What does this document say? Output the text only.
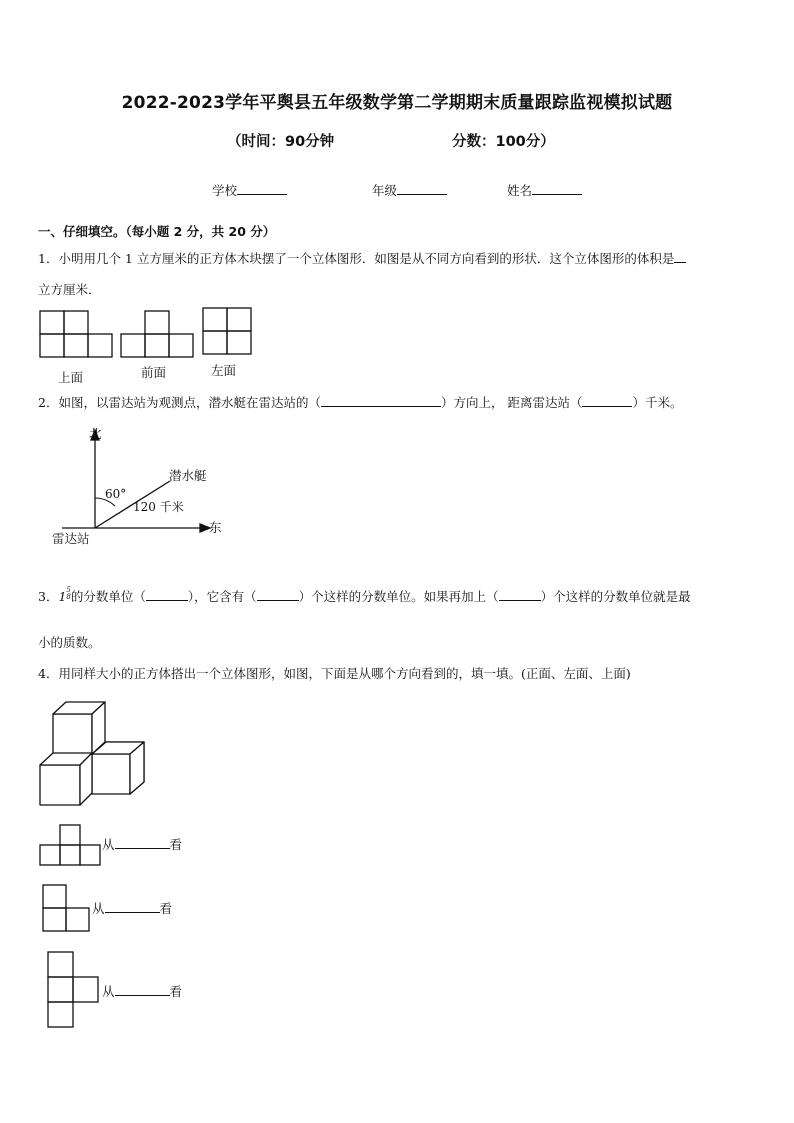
2022-2023学年平舆县五年级数学第二学期期末质量跟踪监视模拟试题
（时间：90分钟	分数：100分）
学校	年级	姓名
一、仔细填空。（每小题 2 分，共 20 分）
1．小明用几个 1 立方厘米的正方体木块摆了一个立体图形．如图是从不同方向看到的形状．这个立体图形的体积是
立方厘米．
上面	前面	左面
2．如图，以雷达站为观测点，潜水艇在雷达站的（	）方向上， 距离雷达站（	）千米。
北
东
雷达站
潜水艇
60°
120 千米
3．1 5
8 的分数单位（	），它含有（	）个这样的分数单位。如果再加上（	）个这样的分数单位就是最
小的质数。
4．用同样大小的正方体搭出一个立体图形，如图，下面是从哪个方向看到的，填一填。(正面、左面、上面)
从	看
从	看
从	看
